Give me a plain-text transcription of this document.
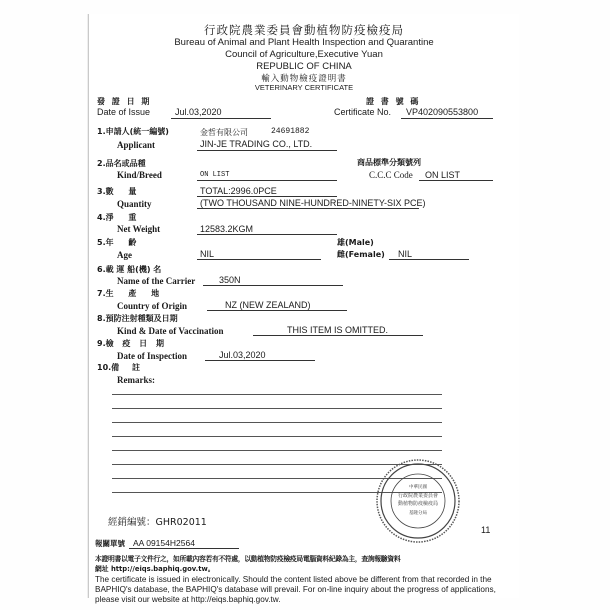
行政院農業委員會動植物防疫檢疫局
Bureau of Animal and Plant Health Inspection and Quarantine
Council of Agriculture,Executive Yuan
REPUBLIC OF CHINA
輸入動物檢疫證明書
VETERINARY CERTIFICATE
發 證 日 期
Date of Issue	Jul.03,2020
證 書 號 碼
Certificate No. VP402090553800
1.申請人(統一編號)	金哲有限公司	24691882
Applicant	JIN-JE TRADING CO., LTD.
2.品名或品種	商品標準分類號列
Kind/Breed	ON LIST	C.C.C Code ON LIST
3.數 量	TOTAL:2996.0PCE
Quantity	(TWO THOUSAND NINE-HUNDRED-NINETY-SIX PCE)
4.淨 重
Net Weight	12583.2KGM
5.年 齡	雄(Male)
Age	NIL	雌(Female) NIL
6.載 運 船(機) 名
Name of the Carrier	350N
7.生 產 地
Country of Origin	NZ (NEW ZEALAND)
8.預防注射種類及日期
Kind & Date of Vaccination	THIS ITEM IS OMITTED.
9.檢 疫 日 期
Date of Inspection	Jul.03,2020
10.備 註
Remarks:
中華民國
行政院農業委員會
動植物防疫檢疫局
基隆分局
經銷編號：GHR02011
11
報關單號 AA 09154H2564
本證明書以電子文件行之，如所載內容若有不符處，以動植物防疫檢疫局電腦資料紀錄為主，查詢報驗資料
網址 http://eiqs.baphiq.gov.tw。
The certificate is issued in electronically. Should the content listed above be different from that recorded in the BAPHIQ's database, the BAPHIQ's database will prevail. For on-line inquiry about the progress of applications, please visit our website at http://eiqs.baphiq.gov.tw.
